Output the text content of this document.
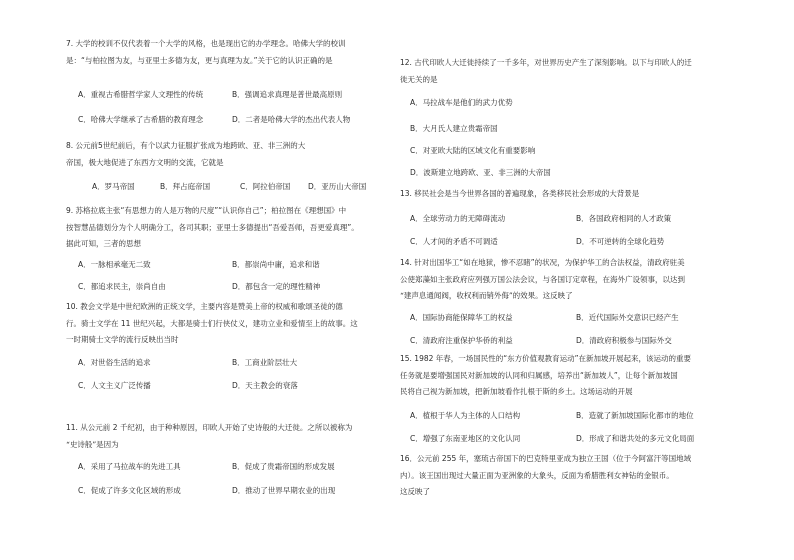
7. 大学的校训不仅代表着一个大学的风格，也是现出它的办学理念。哈佛大学的校训
是：“与柏拉图为友，与亚里士多德为友，更与真理为友。”关于它的认识正确的是
A．重视古希腊哲学家人文理性的传统	B．强调追求真理是普世最高原则
C．哈佛大学继承了古希腊的教育理念	D．二者是哈佛大学的杰出代表人物
8. 公元前5世纪前后，有个以武力征服扩张成为地跨欧、亚、非三洲的大
帝国，极大地促进了东西方文明的交流，它就是
A．罗马帝国	B．拜占庭帝国	C．阿拉伯帝国 D．亚历山大帝国
9. 苏格拉底主张“有思想力的人是万物的尺度”“认识你自己”；柏拉图在《理想国》中
按智慧品德划分为个人明确分工，各司其职；亚里士多德提出“吾爱吾师，吾更爱真理”。
据此可知，三者的思想
A．一脉相承毫无二致	B．都崇尚中庸，追求和谐
C．都追求民主，崇尚自由	D．都包含一定的理性精神
10. 教会文学是中世纪欧洲的正统文学，主要内容是赞美上帝的权威和歌颂圣徒的德
行。骑士文学在 11 世纪兴起，大都是骑士们行侠仗义，建功立业和爱情至上的故事。这
一时期骑士文学的流行反映出当时
A．对世俗生活的追求	B．工商业阶层壮大
C．人文主义广泛传播	D．天主教会的衰落
11. 从公元前 2 千纪初，由于种种原因，印欧人开始了史诗般的大迁徙。之所以被称为
“史诗般”是因为
A．采用了马拉战车的先进工具	B．促成了贵霜帝国的形成发展
C．促成了许多文化区域的形成	D．推动了世界早期农业的出现
12. 古代印欧人大迁徙持续了一千多年，对世界历史产生了深刻影响。以下与印欧人的迁
徙无关的是
A．马拉战车是他们的武力优势
B．大月氏人建立贵霜帝国
C．对亚欧大陆的区域文化有重要影响
D．波斯建立地跨欧、亚、非三洲的大帝国
13. 移民社会是当今世界各国的普遍现象，各类移民社会形成的大背景是
A．全球劳动力的无障碍流动	B．各国政府相同的人才政策
C．人才间的矛盾不可调适	D．不可逆转的全球化趋势
14. 针对出国华工“如在地狱，惨不忍睹”的状况，为保护华工的合法权益，清政府驻美
公使郑藻如主张政府应列强万国公法会议，与各国订定章程，在海外广设领事，以达到
“建声息通闻阀，收权利而销外侮”的效果。这反映了
A．国际协商能保障华工的权益	B．近代国际外交意识已经产生
C．清政府注重保护华侨的利益	D．清政府积极参与国际外交
15. 1982 年春，一场国民性的“东方价值观教育运动”在新加坡开展起来，该运动的重要
任务就是要增强国民对新加坡的认同和归属感，培养出“新加坡人”，让每个新加坡国
民将自己视为新加坡，把新加坡看作扎根于斯的乡土。这场运动的开展
A．植根于华人为主体的人口结构	B．造就了新加坡国际化都市的地位
C．增强了东南亚地区的文化认同	D．形成了和谐共处的多元文化局面
16．公元前 255 年，塞琉古帝国下的巴克特里亚成为独立王国（位于今阿富汗等国地域
内）。该王国出现过大量正面为亚洲象的大象头，反面为希腊胜利女神钻的金银币。
这反映了
